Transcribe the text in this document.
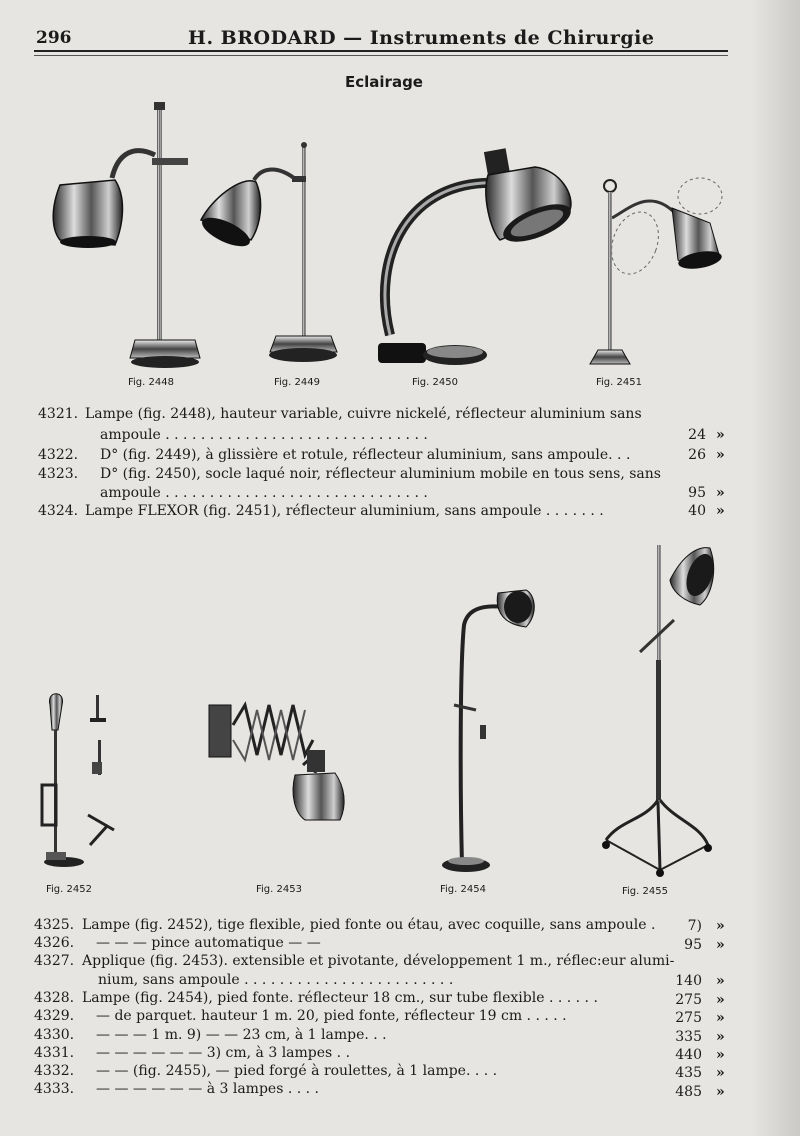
296	H. BRODARD — Instruments de Chirurgie
Eclairage
Fig. 2448	Fig. 2449	Fig. 2450	Fig. 2451
4321. Lampe (fig. 2448), hauteur variable, cuivre nickelé, réflecteur aluminium sans
ampoule . . . . . . . . . . . . . . . . . . . . . . . . . . . . . .	24 »
4322.	D° (fig. 2449), à glissière et rotule, réflecteur aluminium, sans ampoule. . .	26 »
4323.	D° (fig. 2450), socle laqué noir, réflecteur aluminium mobile en tous sens, sans
ampoule . . . . . . . . . . . . . . . . . . . . . . . . . . . . . .	95 »
4324. Lampe FLEXOR (fig. 2451), réflecteur aluminium, sans ampoule . . . . . . .	40 »
Fig. 2452	Fig. 2453	Fig. 2454	Fig. 2455
4325. Lampe (fig. 2452), tige flexible, pied fonte ou étau, avec coquille, sans ampoule .	7) »
4326.	— — — pince automatique — —	95 »
4327. Applique (fig. 2453). extensible et pivotante, développement 1 m., réflec:eur alumi-
nium, sans ampoule . . . . . . . . . . . . . . . . . . . . . . . .	140 »
4328. Lampe (fig. 2454), pied fonte. réflecteur 18 cm., sur tube flexible . . . . . .	275 »
4329.	— de parquet. hauteur 1 m. 20, pied fonte, réflecteur 19 cm . . . . .	275 »
4330.	— — — 1 m. 9) — — 23 cm, à 1 lampe. . .	335 »
4331.	— — — — — — 3) cm, à 3 lampes . .	440 »
4332.	— — (fig. 2455), — pied forgé à roulettes, à 1 lampe. . . .	435 »
4333.	— — — — — — à 3 lampes . . . .	485 »
